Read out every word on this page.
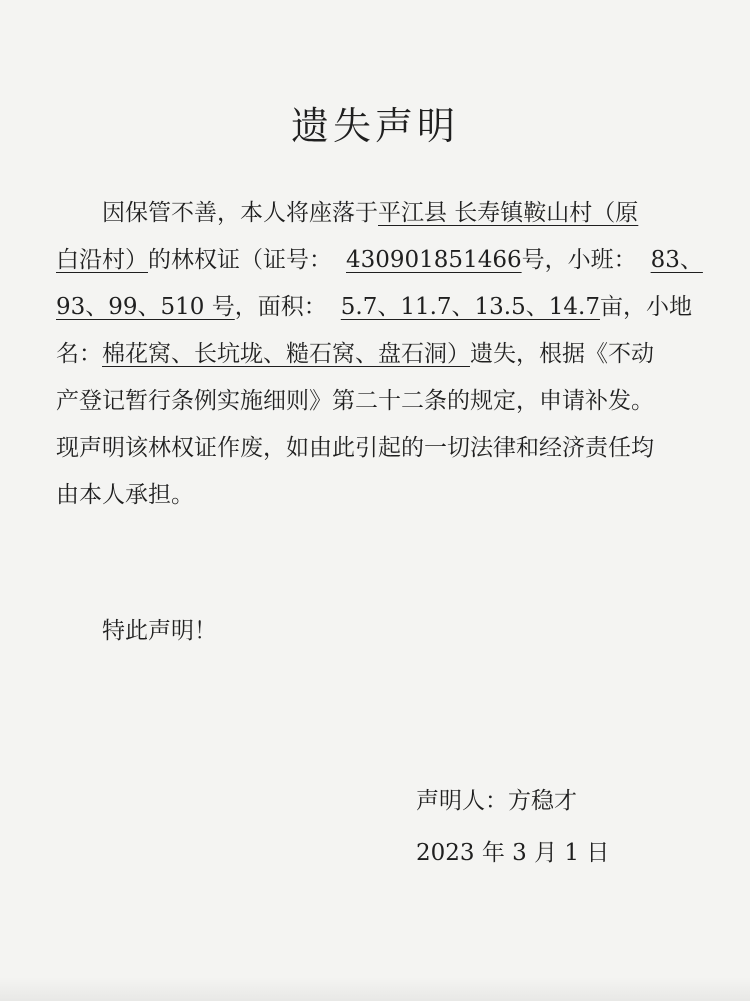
遗失声明
因保管不善，本人将座落于平江县 长寿镇鞍山村（原
白沿村）的林权证（证号： 430901851466号，小班： 83、
93、99、510 号，面积： 5.7、11.7、13.5、14.7亩，小地
名：棉花窝、长坑垅、糙石窝、盘石洞）遗失，根据《不动
产登记暂行条例实施细则》第二十二条的规定，申请补发。
现声明该林权证作废，如由此引起的一切法律和经济责任均
由本人承担。
特此声明！
声明人：方稳才
2023 年 3 月 1 日
